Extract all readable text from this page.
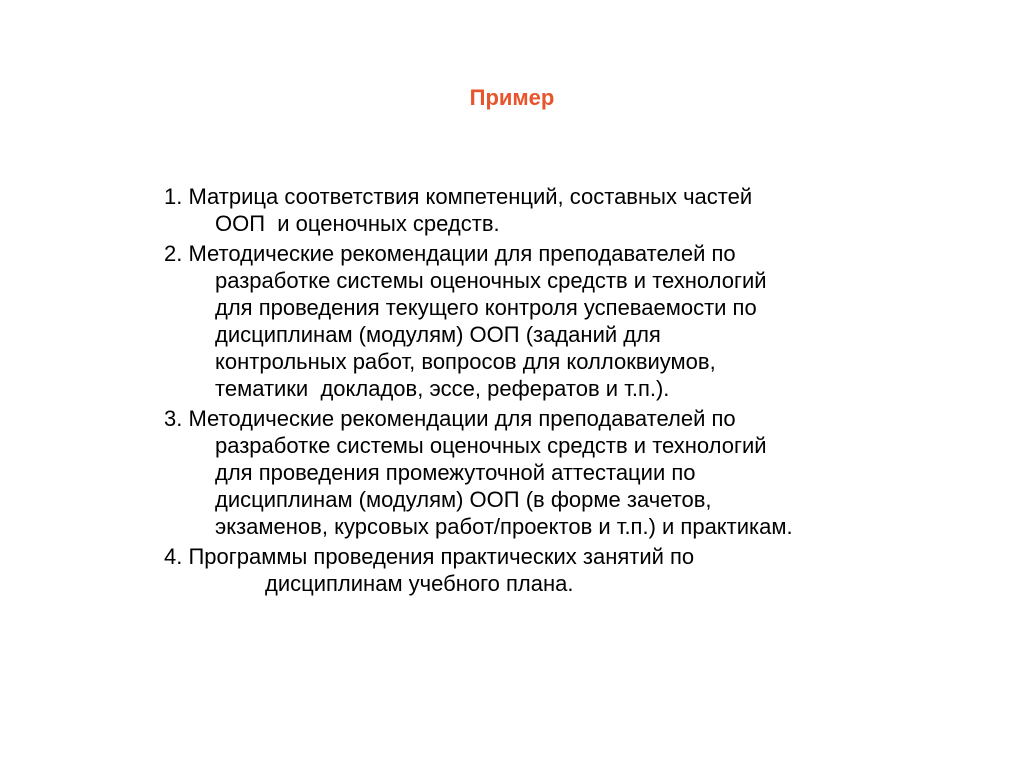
Пример
1. Матрица соответствия компетенций, составных частей
ООП  и оценочных средств.
2. Методические рекомендации для преподавателей по
разработке системы оценочных средств и технологий
для проведения текущего контроля успеваемости по
дисциплинам (модулям) ООП (заданий для
контрольных работ, вопросов для коллоквиумов,
тематики  докладов, эссе, рефератов и т.п.).
3. Методические рекомендации для преподавателей по
разработке системы оценочных средств и технологий
для проведения промежуточной аттестации по
дисциплинам (модулям) ООП (в форме зачетов,
экзаменов, курсовых работ/проектов и т.п.) и практикам.
4. Программы проведения практических занятий по
дисциплинам учебного плана.
